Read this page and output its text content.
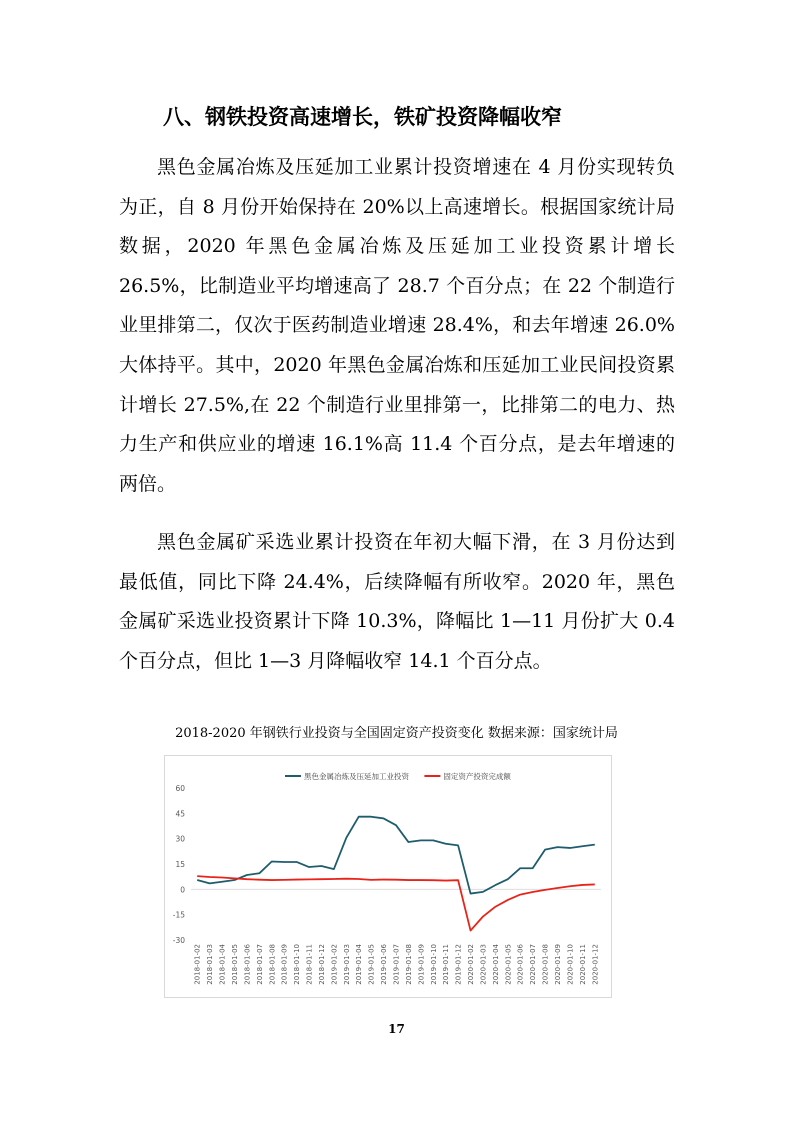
八、钢铁投资高速增长，铁矿投资降幅收窄

黑色金属冶炼及压延加工业累计投资增速在 4 月份实现转负为正，自 8 月份开始保持在 20%以上高速增长。根据国家统计局数据，2020 年黑色金属冶炼及压延加工业投资累计增长 26.5%，比制造业平均增速高了 28.7 个百分点；在 22 个制造行业里排第二，仅次于医药制造业增速 28.4%，和去年增速 26.0%大体持平。其中，2020 年黑色金属冶炼和压延加工业民间投资累计增长 27.5%,在 22 个制造行业里排第一，比排第二的电力、热力生产和供应业的增速 16.1%高 11.4 个百分点，是去年增速的两倍。

黑色金属矿采选业累计投资在年初大幅下滑，在 3 月份达到最低值，同比下降 24.4%，后续降幅有所收窄。2020 年，黑色金属矿采选业投资累计下降 10.3%，降幅比 1—11 月份扩大 0.4 个百分点，但比 1—3 月降幅收窄 14.1 个百分点。

2018-2020 年钢铁行业投资与全国固定资产投资变化 数据来源：国家统计局
-30
-15
0
15
30
45
60
2018-01-02 2018-01-03 2018-01-04 2018-01-05 2018-01-06 2018-01-07 2018-01-08 2018-01-09 2018-01-10 2018-01-11 2018-01-12 2019-01-02 2019-01-03 2019-01-04 2019-01-05 2019-01-06 2019-01-07 2019-01-08 2019-01-09 2019-01-10 2019-01-11 2019-01-12 2020-01-02 2020-01-03 2020-01-04 2020-01-05 2020-01-06 2020-01-07 2020-01-08 2020-01-09 2020-01-10 2020-01-11 2020-01-12
黑色金属冶炼及压延加工业投资	固定资产投资完成额
17
